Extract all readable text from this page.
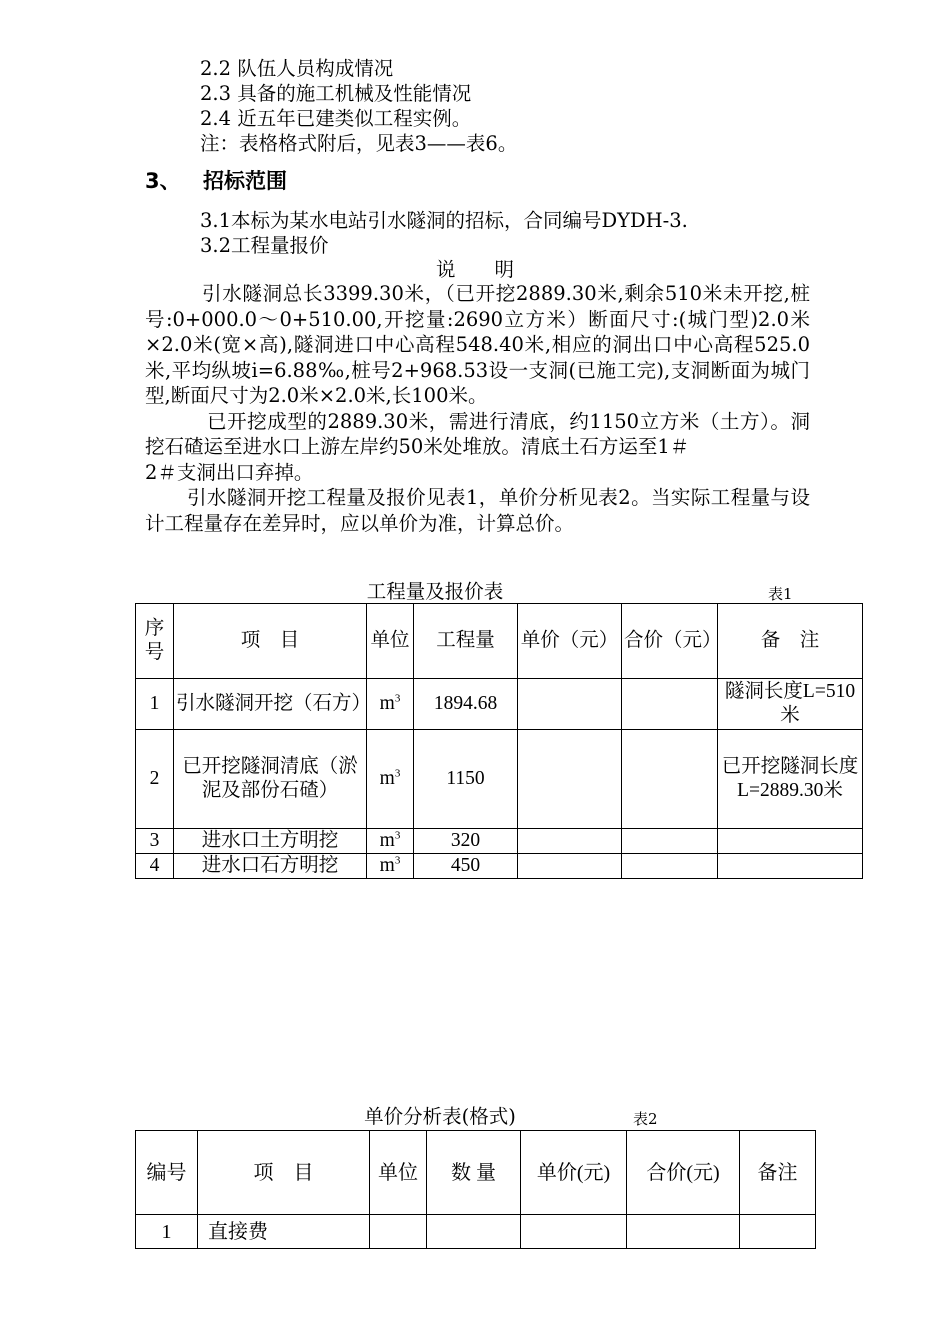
2.2 队伍人员构成情况
2.3 具备的施工机械及性能情况
2.4 近五年已建类似工程实例。
注：表格格式附后，见表3——表6。
3、 招标范围
3.1本标为某水电站引水隧洞的招标，合同编号DYDH-3.
3.2工程量报价
说　　明

引水隧洞总长3399.30米，（已开挖2889.30米,剩余510米未开挖,桩号:0+000.0～0+510.00,开挖量:2690立方米）断面尺寸:(城门型)2.0米×2.0米(宽×高),隧洞进口中心高程548.40米,相应的洞出口中心高程525.0米,平均纵坡i=6.88‰,桩号2+968.53设一支洞(已施工完),支洞断面为城门型,断面尺寸为2.0米×2.0米,长100米。

已开挖成型的2889.30米，需进行清底，约1150立方米（土方）。洞挖石碴运至进水口上游左岸约50米处堆放。清底土石方运至1＃

2＃支洞出口弃掉。

引水隧洞开挖工程量及报价见表1，单价分析见表2。当实际工程量与设计工程量存在差异时，应以单价为准，计算总价。

工程量及报价表	表1
序号	项　目	单位	工程量	单价（元）	合价（元）	备　注
1	引水隧洞开挖（石方）	$m^3$	1894.68			隧洞长度L=510米
2	已开挖隧洞清底（淤泥及部份石碴）	$m^3$	1150			已开挖隧洞长度L=2889.30米
3	进水口土方明挖	$m^3$	320			
4	进水口石方明挖	$m^3$	450			
单价分析表(格式)	表2
编号	项　目	单位	数 量	单价(元)	合价(元)	备注
1	直接费					
